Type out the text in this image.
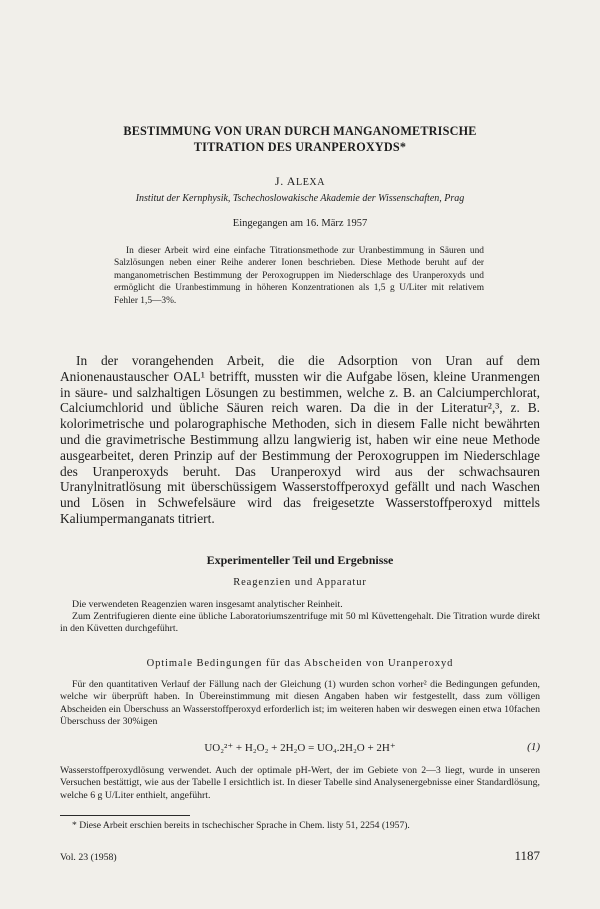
BESTIMMUNG VON URAN DURCH MANGANOMETRISCHE
TITRATION DES URANPEROXYDS*
J. ALEXA
Institut der Kernphysik, Tschechoslowakische Akademie der Wissenschaften, Prag
Eingegangen am 16. März 1957
In dieser Arbeit wird eine einfache Titrationsmethode zur Uranbestimmung in Säuren und Salzlösungen neben einer Reihe anderer Ionen beschrieben. Diese Methode beruht auf der manganometrischen Bestimmung der Peroxogruppen im Niederschlage des Uranperoxyds und ermöglicht die Uranbestimmung in höheren Konzentrationen als 1,5 g U/Liter mit relativem Fehler 1,5—3%.
In der vorangehenden Arbeit, die die Adsorption von Uran auf dem Anionenaustauscher OAL¹ betrifft, mussten wir die Aufgabe lösen, kleine Uranmengen in säure- und salzhaltigen Lösungen zu bestimmen, welche z. B. an Calciumperchlorat, Calciumchlorid und übliche Säuren reich waren. Da die in der Literatur²,³, z. B. kolorimetrische und polarographische Methoden, sich in diesem Falle nicht bewährten und die gravimetrische Bestimmung allzu langwierig ist, haben wir eine neue Methode ausgearbeitet, deren Prinzip auf der Bestimmung der Peroxogruppen im Niederschlage des Uranperoxyds beruht. Das Uranperoxyd wird aus der schwachsauren Uranylnitratlösung mit überschüssigem Wasserstoffperoxyd gefällt und nach Waschen und Lösen in Schwefelsäure wird das freigesetzte Wasserstoffperoxyd mittels Kaliumpermanganats titriert.
Experimenteller Teil und Ergebnisse
Reagenzien und Apparatur

Die verwendeten Reagenzien waren insgesamt analytischer Reinheit.

Zum Zentrifugieren diente eine übliche Laboratoriumszentrifuge mit 50 ml Küvettengehalt. Die Titration wurde direkt in den Küvetten durchgeführt.

Optimale Bedingungen für das Abscheiden von Uranperoxyd
Für den quantitativen Verlauf der Fällung nach der Gleichung (1) wurden schon vorher² die Bedingungen gefunden, welche wir überprüft haben. In Übereinstimmung mit diesen Angaben haben wir festgestellt, dass zum völligen Abscheiden ein Überschuss an Wasserstoffperoxyd erforderlich ist; im weiteren haben wir deswegen einen etwa 10fachen Überschuss der 30%igen
UO₂²⁺ + H₂O₂ + 2H₂O = UO₄.2H₂O + 2H⁺	(1)
Wasserstoffperoxydlösung verwendet. Auch der optimale pH-Wert, der im Gebiete von 2—3 liegt, wurde in unseren Versuchen bestättigt, wie aus der Tabelle I ersichtlich ist. In dieser Tabelle sind Analysenergebnisse einer Standardlösung, welche 6 g U/Liter enthielt, angeführt.
* Diese Arbeit erschien bereits in tschechischer Sprache in Chem. listy 51, 2254 (1957).
Vol. 23 (1958)	1187
